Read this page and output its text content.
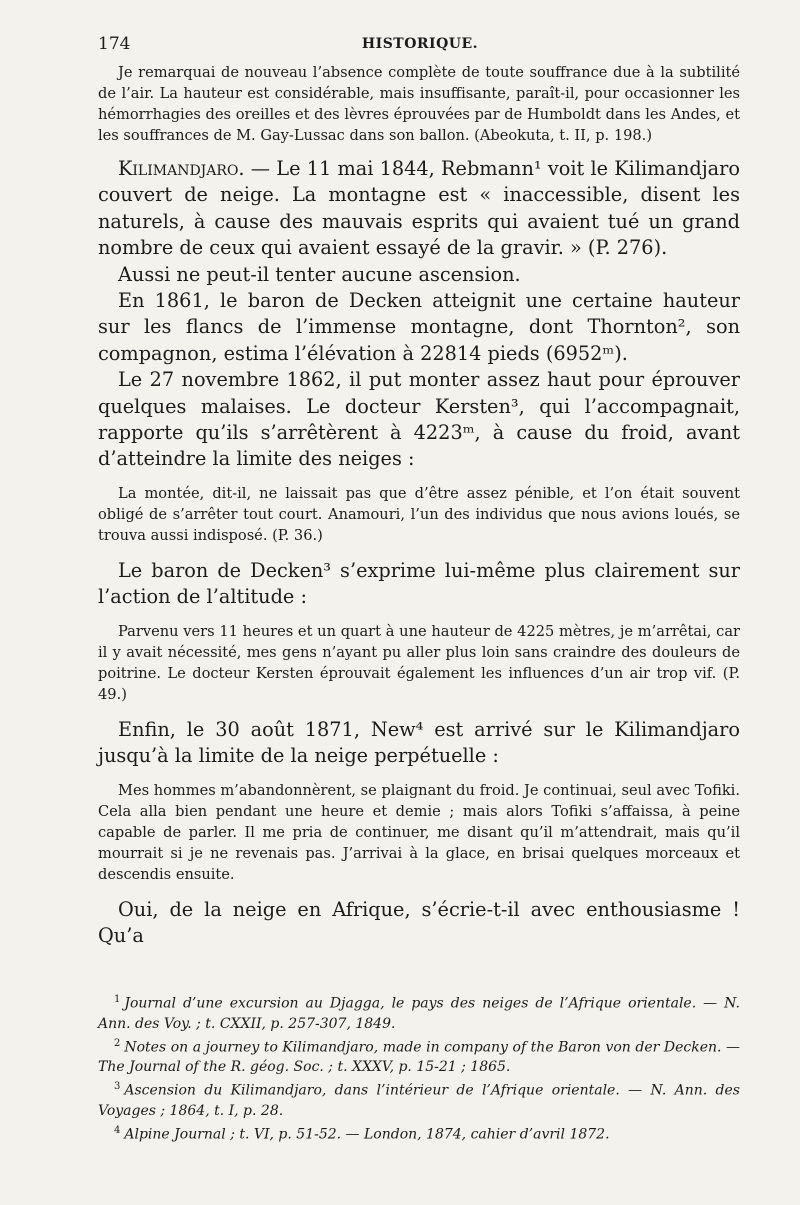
174	HISTORIQUE.

Je remarquai de nouveau l’absence complète de toute souffrance due à la subtilité de l’air. La hauteur est considérable, mais insuffisante, paraît-il, pour occasionner les hémorrhagies des oreilles et des lèvres éprouvées par de Humboldt dans les Andes, et les souffrances de M. Gay-Lussac dans son ballon. (Abeokuta, t. II, p. 198.)

Kilimandjaro. — Le 11 mai 1844, Rebmann¹ voit le Kilimandjaro couvert de neige. La montagne est « inaccessible, disent les naturels, à cause des mauvais esprits qui avaient tué un grand nombre de ceux qui avaient essayé de la gravir. » (P. 276).

Aussi ne peut-il tenter aucune ascension.

En 1861, le baron de Decken atteignit une certaine hauteur sur les flancs de l’immense montagne, dont Thornton², son compagnon, estima l’élévation à 22814 pieds (6952ᵐ).

Le 27 novembre 1862, il put monter assez haut pour éprouver quelques malaises. Le docteur Kersten³, qui l’accompagnait, rapporte qu’ils s’arrêtèrent à 4223ᵐ, à cause du froid, avant d’atteindre la limite des neiges :

La montée, dit-il, ne laissait pas que d’être assez pénible, et l’on était souvent obligé de s’arrêter tout court. Anamouri, l’un des individus que nous avions loués, se trouva aussi indisposé. (P. 36.)

Le baron de Decken³ s’exprime lui-même plus clairement sur l’action de l’altitude :

Parvenu vers 11 heures et un quart à une hauteur de 4225 mètres, je m’arrêtai, car il y avait nécessité, mes gens n’ayant pu aller plus loin sans craindre des douleurs de poitrine. Le docteur Kersten éprouvait également les influences d’un air trop vif. (P. 49.)

Enfin, le 30 août 1871, New⁴ est arrivé sur le Kilimandjaro jusqu’à la limite de la neige perpétuelle :

Mes hommes m’abandonnèrent, se plaignant du froid. Je continuai, seul avec Tofiki. Cela alla bien pendant une heure et demie ; mais alors Tofiki s’affaissa, à peine capable de parler. Il me pria de continuer, me disant qu’il m’attendrait, mais qu’il mourrait si je ne revenais pas. J’arrivai à la glace, en brisai quelques morceaux et descendis ensuite.

Oui, de la neige en Afrique, s’écrie-t-il avec enthousiasme ! Qu’a

$^1$ Journal d’une excursion au Djagga, le pays des neiges de l’Afrique orientale. — N. Ann. des Voy. ; t. CXXII, p. 257-307, 1849.

$^2$ Notes on a journey to Kilimandjaro, made in company of the Baron von der Decken. — The Journal of the R. géog. Soc. ; t. XXXV, p. 15-21 ; 1865.

$^3$ Ascension du Kilimandjaro, dans l’intérieur de l’Afrique orientale. — N. Ann. des Voyages ; 1864, t. I, p. 28.

$^4$ Alpine Journal ; t. VI, p. 51-52. — London, 1874, cahier d’avril 1872.
